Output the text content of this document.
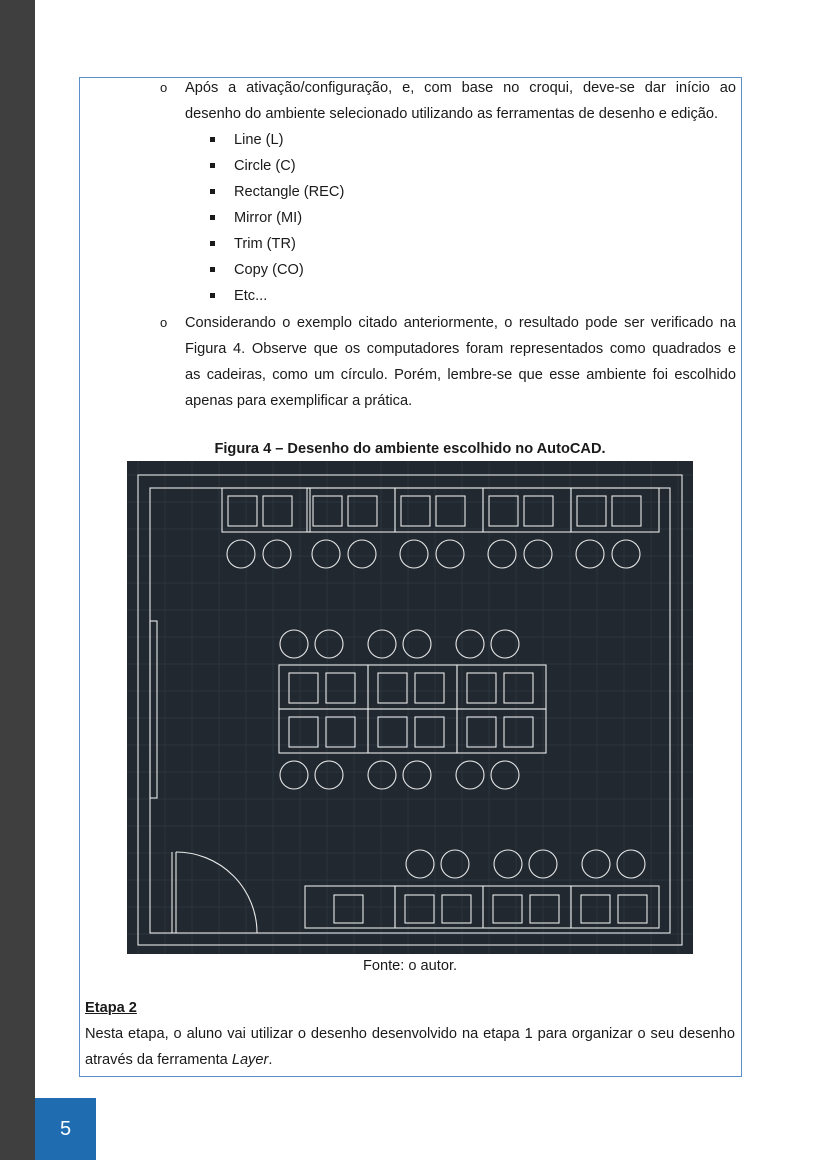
5
o Após a ativação/configuração, e, com base no croqui, deve-se dar início ao
desenho do ambiente selecionado utilizando as ferramentas de desenho e edição.
Line (L)
Circle (C)
Rectangle (REC)
Mirror (MI)
Trim (TR)
Copy (CO)
Etc...
o Considerando o exemplo citado anteriormente, o resultado pode ser verificado na
Figura 4. Observe que os computadores foram representados como quadrados e
as cadeiras, como um círculo. Porém, lembre-se que esse ambiente foi escolhido
apenas para exemplificar a prática.
Figura 4 – Desenho do ambiente escolhido no AutoCAD.
Fonte: o autor.
Etapa 2
Nesta etapa, o aluno vai utilizar o desenho desenvolvido na etapa 1 para organizar o seu desenho
através da ferramenta Layer.
